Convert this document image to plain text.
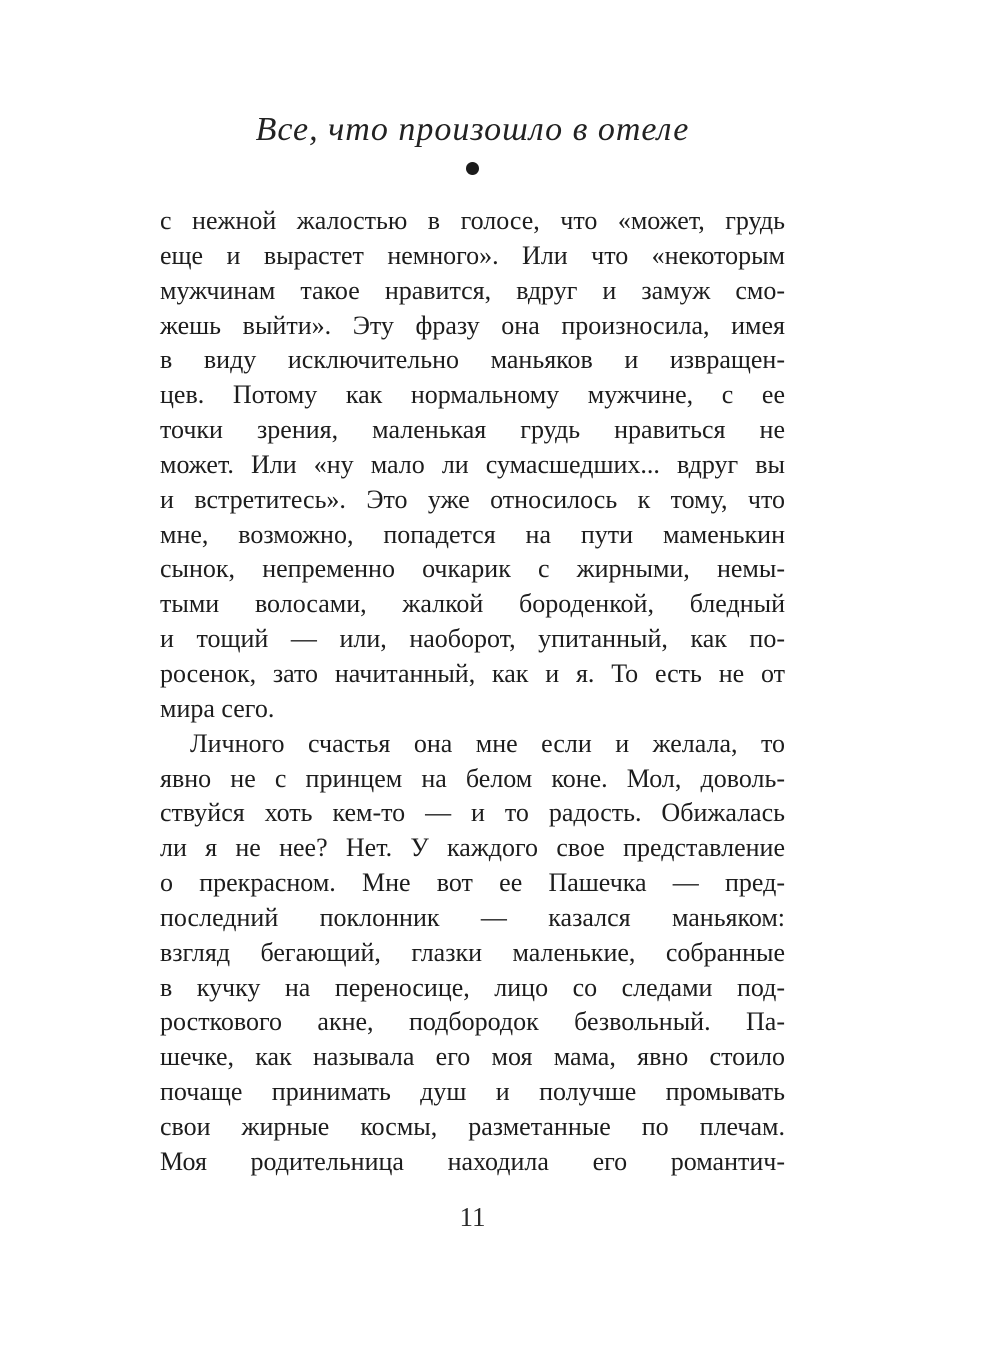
Все, что произошло в отеле
с нежной жалостью в голосе, что «может, грудь
еще и вырастет немного». Или что «некоторым
мужчинам такое нравится, вдруг и замуж смо-
жешь выйти». Эту фразу она произносила, имея
в виду исключительно маньяков и извращен-
цев. Потому как нормальному мужчине, с ее
точки зрения, маленькая грудь нравиться не
может. Или «ну мало ли сумасшедших... вдруг вы
и встретитесь». Это уже относилось к тому, что
мне, возможно, попадется на пути маменькин
сынок, непременно очкарик с жирными, немы-
тыми волосами, жалкой бороденкой, бледный
и тощий — или, наоборот, упитанный, как по-
росенок, зато начитанный, как и я. То есть не от
мира сего.
Личного счастья она мне если и желала, то
явно не с принцем на белом коне. Мол, доволь-
ствуйся хоть кем-то — и то радость. Обижалась
ли я не нее? Нет. У каждого свое представление
о прекрасном. Мне вот ее Пашечка — пред-
последний поклонник — казался маньяком:
взгляд бегающий, глазки маленькие, собранные
в кучку на переносице, лицо со следами под-
росткового акне, подбородок безвольный. Па-
шечке, как называла его моя мама, явно стоило
почаще принимать душ и получше промывать
свои жирные космы, разметанные по плечам.
Моя родительница находила его романтич-
11
